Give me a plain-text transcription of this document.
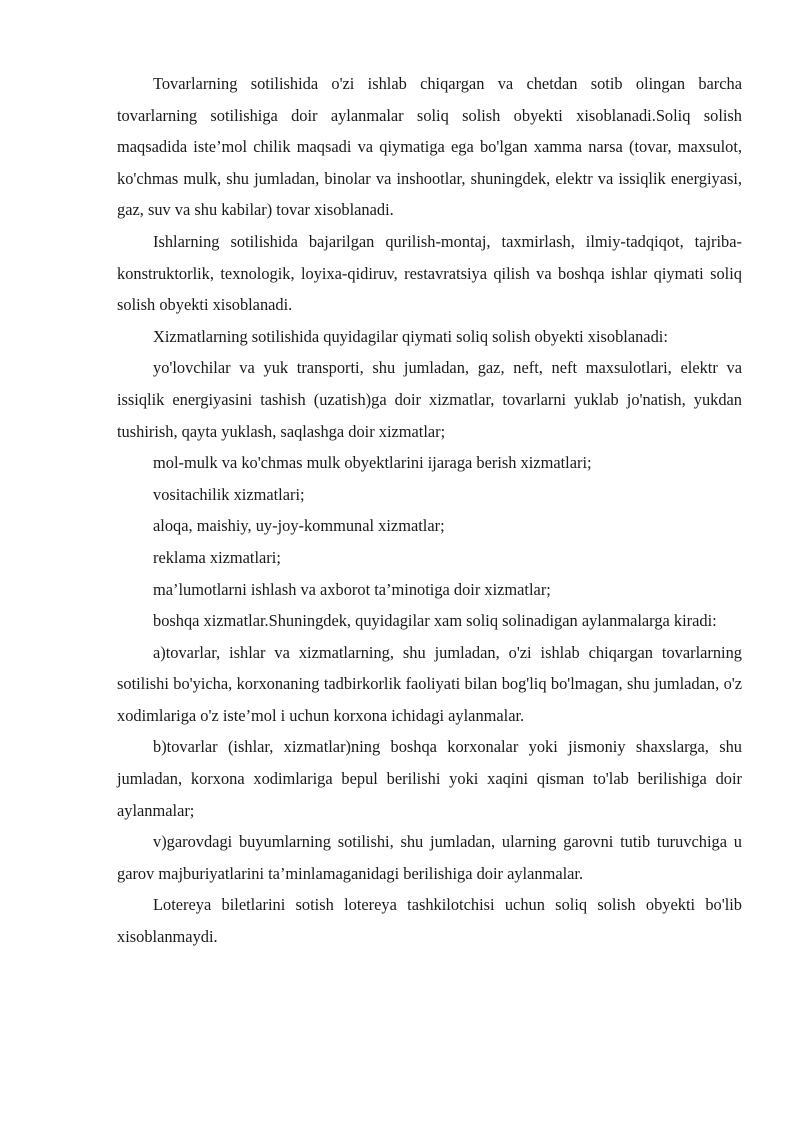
Tovarlarning sotilishida o'zi ishlab chiqargan va chetdan sotib olingan barcha tovarlarning sotilishiga doir aylanmalar soliq solish obyekti xisoblanadi.Soliq solish maqsadida iste’mol chilik maqsadi va qiymatiga ega bo'lgan xamma narsa (tovar, maxsulot, ko'chmas mulk, shu jumladan, binolar va inshootlar, shuningdek, elektr va issiqlik energiyasi, gaz, suv va shu kabilar) tovar xisoblanadi.

Ishlarning sotilishida bajarilgan qurilish-montaj, taxmirlash, ilmiy-tadqiqot, tajriba-konstruktorlik, texnologik, loyixa-qidiruv, restavratsiya qilish va boshqa ishlar qiymati soliq solish obyekti xisoblanadi.

Xizmatlarning sotilishida quyidagilar qiymati soliq solish obyekti xisoblanadi:

yo'lovchilar va yuk transporti, shu jumladan, gaz, neft, neft maxsulotlari, elektr va issiqlik energiyasini tashish (uzatish)ga doir xizmatlar, tovarlarni yuklab jo'natish, yukdan tushirish, qayta yuklash, saqlashga doir xizmatlar;

mol-mulk va ko'chmas mulk obyektlarini ijaraga berish xizmatlari;

vositachilik xizmatlari;

aloqa, maishiy, uy-joy-kommunal xizmatlar;

reklama xizmatlari;

ma’lumotlarni ishlash va axborot ta’minotiga doir xizmatlar;

boshqa xizmatlar.Shuningdek, quyidagilar xam soliq solinadigan aylanmalarga kiradi:

a)tovarlar, ishlar va xizmatlarning, shu jumladan, o'zi ishlab chiqargan tovarlarning sotilishi bo'yicha, korxonaning tadbirkorlik faoliyati bilan bog'liq bo'lmagan, shu jumladan, o'z xodimlariga o'z iste’mol i uchun korxona ichidagi aylanmalar.

b)tovarlar (ishlar, xizmatlar)ning boshqa korxonalar yoki jismoniy shaxslarga, shu jumladan, korxona xodimlariga bepul berilishi yoki xaqini qisman to'lab berilishiga doir aylanmalar;

v)garovdagi buyumlarning sotilishi, shu jumladan, ularning garovni tutib turuvchiga u garov majburiyatlarini ta’minlamaganidagi berilishiga doir aylanmalar.

Lotereya biletlarini sotish lotereya tashkilotchisi uchun soliq solish obyekti bo'lib xisoblanmaydi.
